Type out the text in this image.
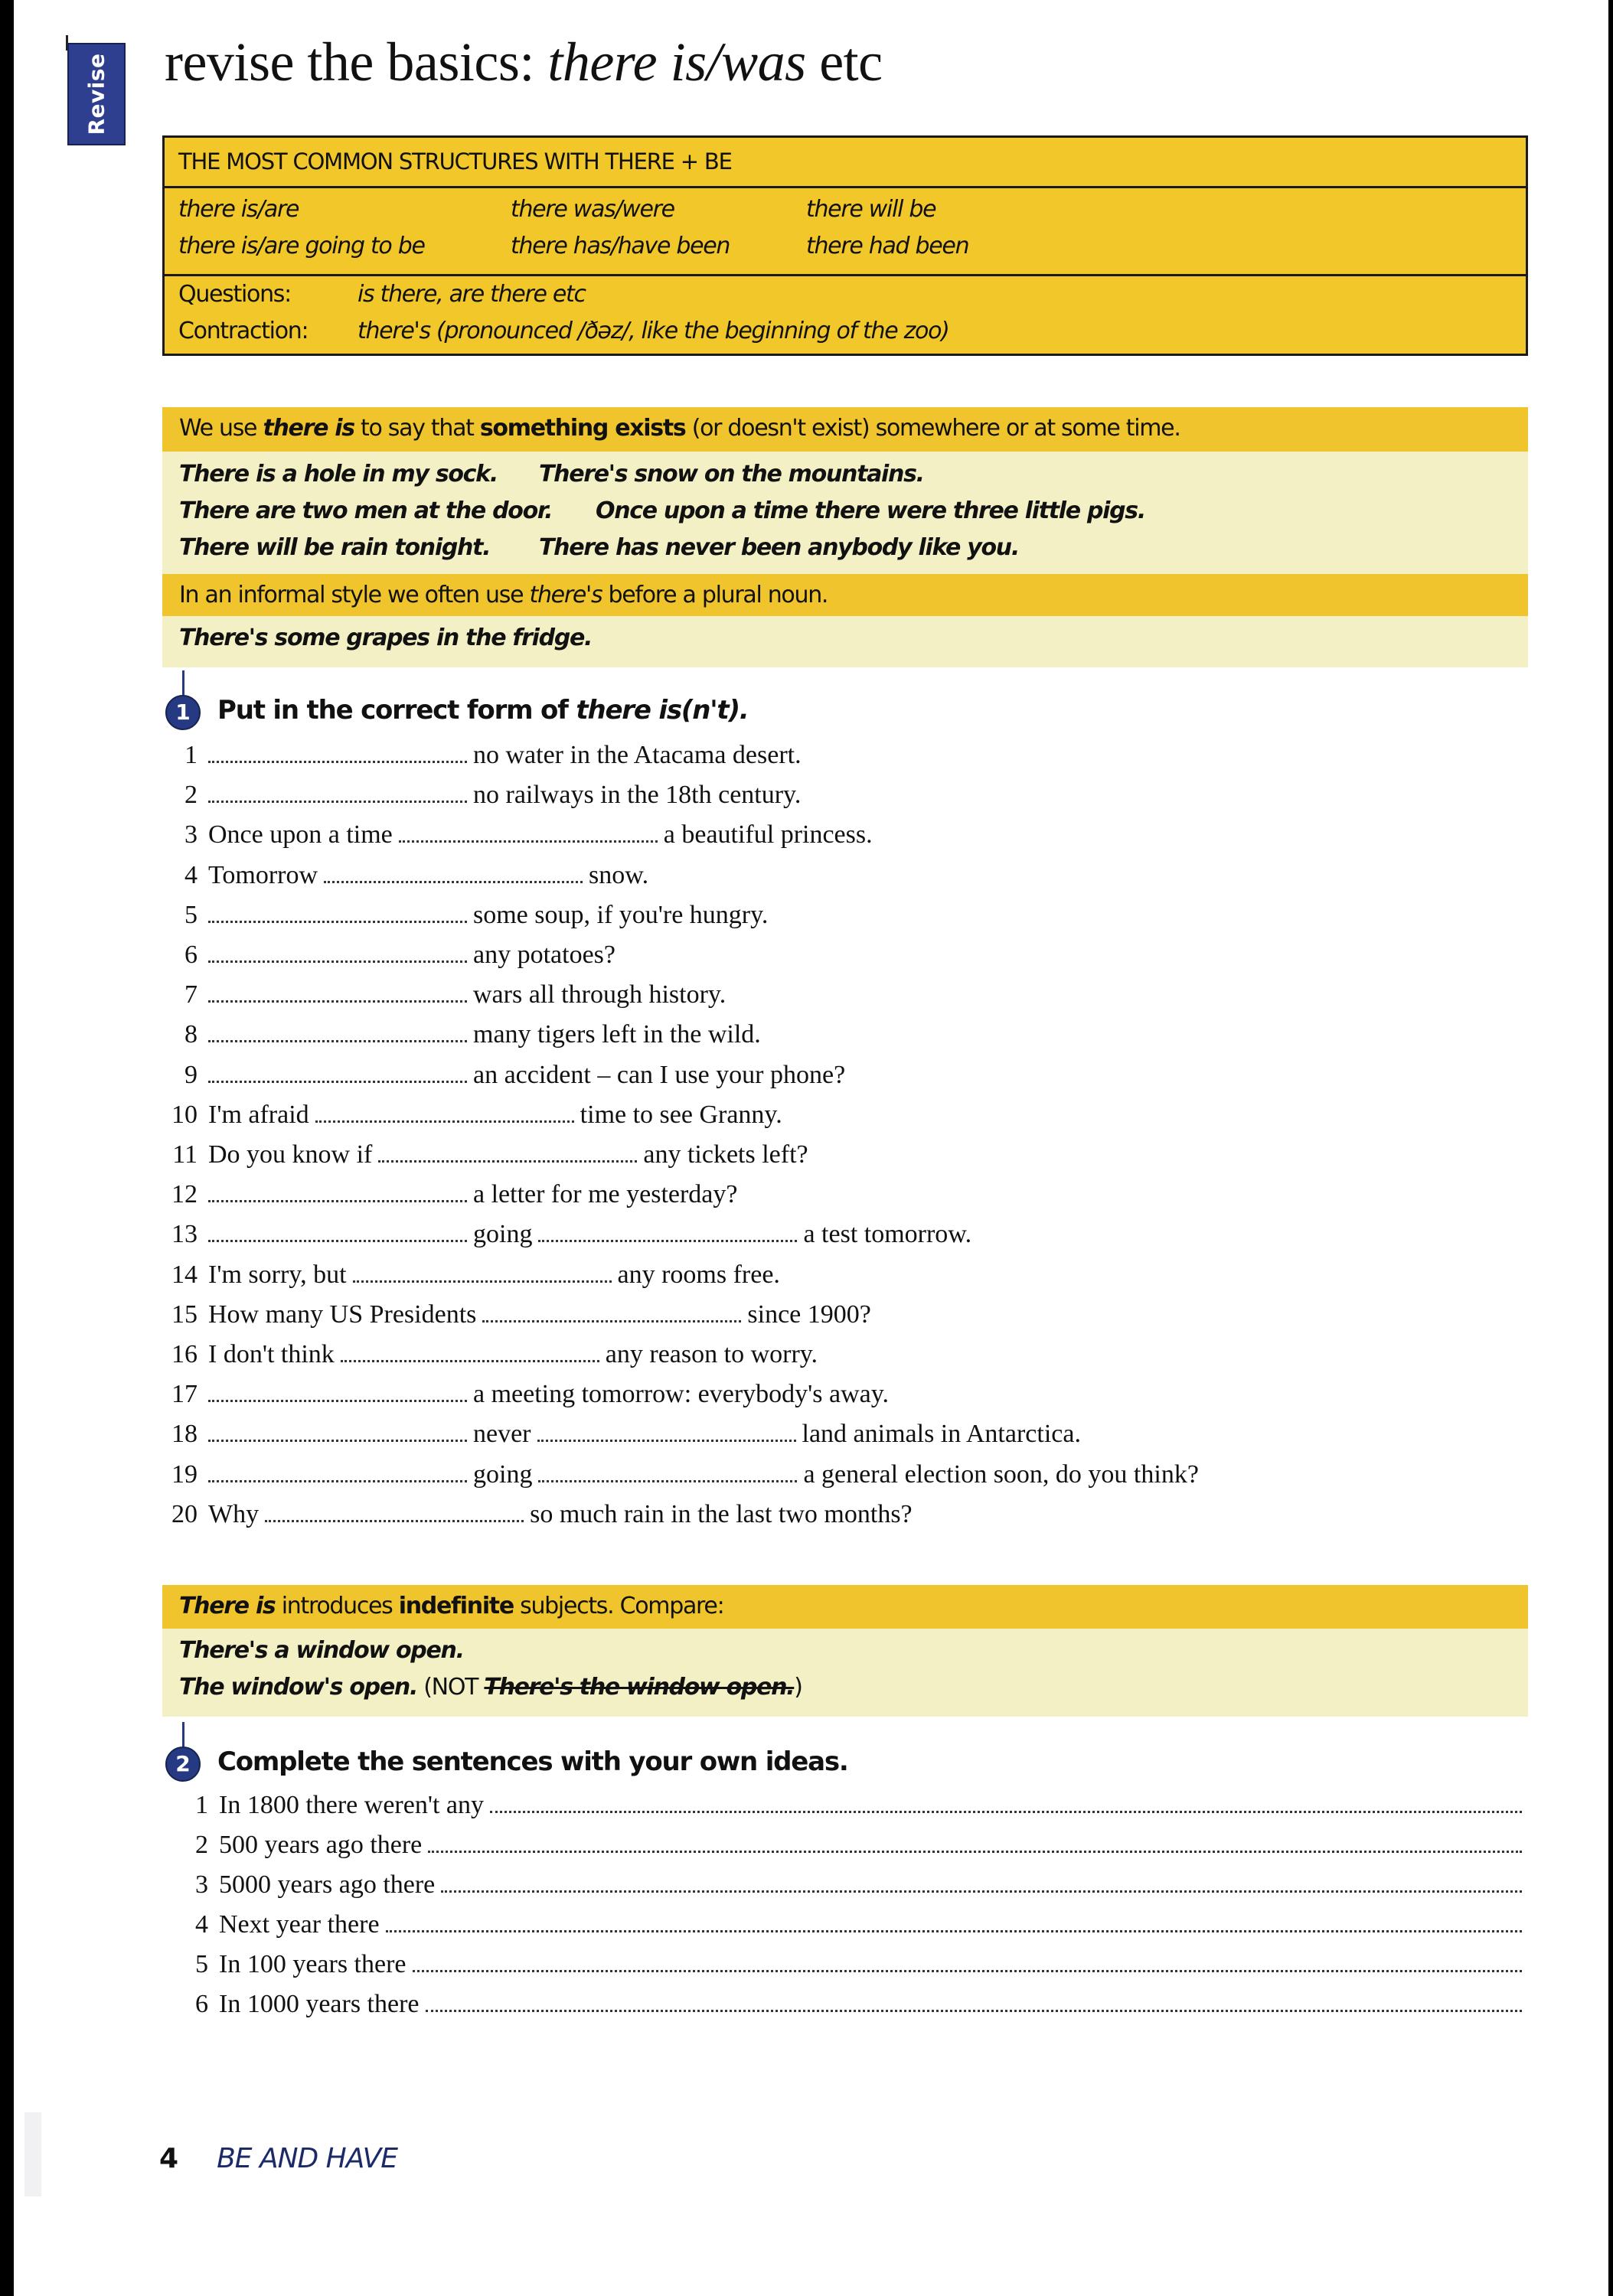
Revise revise the basics: there is/was etc
THE MOST COMMON STRUCTURES WITH THERE + BE
there is/are	there was/were	there will be
there is/are going to be	there has/have been	there had been
Questions:	is there, are there etc
Contraction: there's (pronounced /ðəz/, like the beginning of the zoo)
We use there is to say that something exists (or doesn't exist) somewhere or at some time.
There is a hole in my sock. There's snow on the mountains.
There are two men at the door. Once upon a time there were three little pigs.
There will be rain tonight. There has never been anybody like you.
In an informal style we often use there's before a plural noun.
There's some grapes in the fridge.
1	Put in the correct form of there is(n't).
1	no water in the Atacama desert.
2	no railways in the 18th century.
3 Once upon a time	a beautiful princess.
4 Tomorrow	snow.
5	some soup, if you're hungry.
6	any potatoes?
7	wars all through history.
8	many tigers left in the wild.
9	an accident – can I use your phone?
10 I'm afraid	time to see Granny.
11 Do you know if	any tickets left?
12	a letter for me yesterday?
13	going	a test tomorrow.
14 I'm sorry, but	any rooms free.
15 How many US Presidents	since 1900?
16 I don't think	any reason to worry.
17	a meeting tomorrow: everybody's away.
18	never	land animals in Antarctica.
19	going	a general election soon, do you think?
20 Why	so much rain in the last two months?
There is introduces indefinite subjects. Compare:
There's a window open.
The window's open. (NOT There's the window open.)
2	Complete the sentences with your own ideas.
1 In 1800 there weren't any
2 500 years ago there
3 5000 years ago there
4 Next year there
5 In 100 years there
6 In 1000 years there
4 BE AND HAVE
